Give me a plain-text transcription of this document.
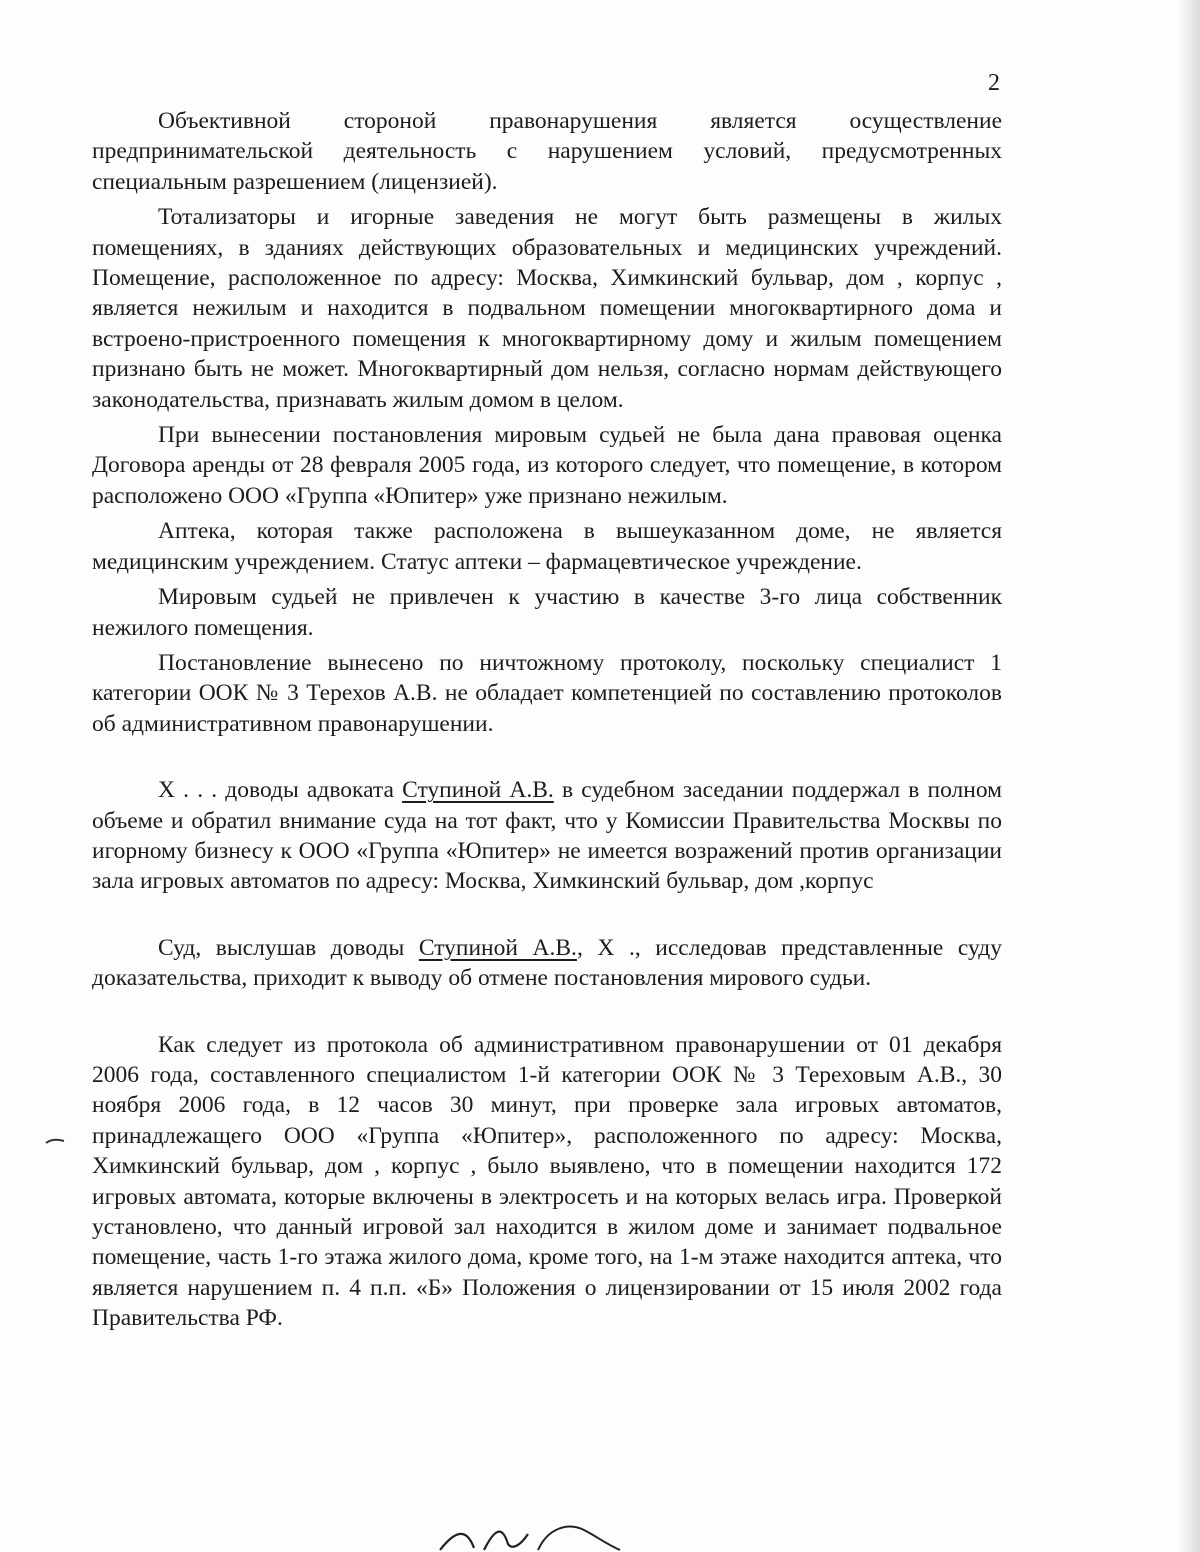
2

Объективной стороной правонарушения является осуществление предпринимательской деятельность с нарушением условий, предусмотренных специальным разрешением (лицензией).

Тотализаторы и игорные заведения не могут быть размещены в жилых помещениях, в зданиях действующих образовательных и медицинских учреждений. Помещение, расположенное по адресу: Москва, Химкинский бульвар, дом , корпус , является нежилым и находится в подвальном помещении многоквартирного дома и встроено-пристроенного помещения к многоквартирному дому и жилым помещением признано быть не может. Многоквартирный дом нельзя, согласно нормам действующего законодательства, признавать жилым домом в целом.

При вынесении постановления мировым судьей не была дана правовая оценка Договора аренды от 28 февраля 2005 года, из которого следует, что помещение, в котором расположено ООО «Группа «Юпитер» уже признано нежилым.

Аптека, которая также расположена в вышеуказанном доме, не является медицинским учреждением. Статус аптеки – фармацевтическое учреждение.

Мировым судьей не привлечен к участию в качестве 3-го лица собственник нежилого помещения.

Постановление вынесено по ничтожному протоколу, поскольку специалист 1 категории ООК № 3 Терехов А.В. не обладает компетенцией по составлению протоколов об административном правонарушении.

Х . . . доводы адвоката Ступиной А.В. в судебном заседании поддержал в полном объеме и обратил внимание суда на тот факт, что у Комиссии Правительства Москвы по игорному бизнесу к ООО «Группа «Юпитер» не имеется возражений против организации зала игровых автоматов по адресу: Москва, Химкинский бульвар, дом ,корпус

Суд, выслушав доводы Ступиной А.В., Х ., исследовав представленные суду доказательства, приходит к выводу об отмене постановления мирового судьи.

Как следует из протокола об административном правонарушении от 01 декабря 2006 года, составленного специалистом 1-й категории ООК № 3 Тереховым А.В., 30 ноября 2006 года, в 12 часов 30 минут, при проверке зала игровых автоматов, принадлежащего ООО «Группа «Юпитер», расположенного по адресу: Москва, Химкинский бульвар, дом , корпус , было выявлено, что в помещении находится 172 игровых автомата, которые включены в электросеть и на которых велась игра. Проверкой установлено, что данный игровой зал находится в жилом доме и занимает подвальное помещение, часть 1-го этажа жилого дома, кроме того, на 1-м этаже находится аптека, что является нарушением п. 4 п.п. «Б» Положения о лицензировании от 15 июля 2002 года Правительства РФ.
